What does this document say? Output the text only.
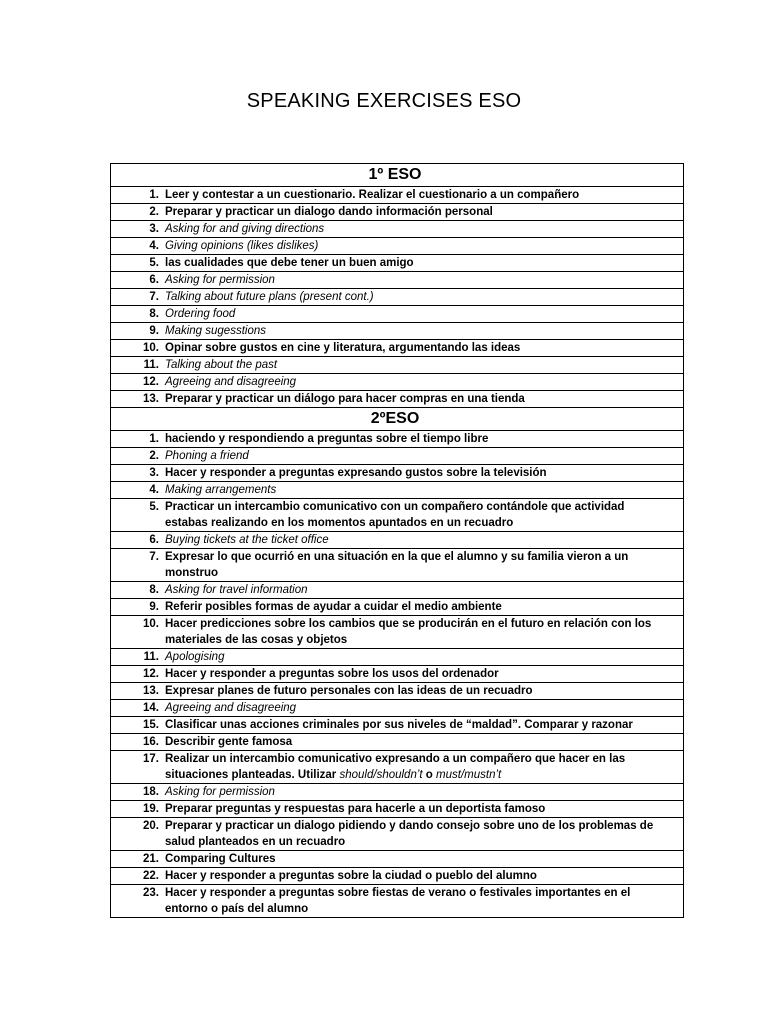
SPEAKING EXERCISES ESO
1º ESO
1. Leer y contestar a un cuestionario. Realizar el cuestionario a un compañero
2. Preparar y practicar un dialogo dando información personal
3. Asking for and giving directions
4. Giving opinions (likes dislikes)
5. las cualidades que debe tener un buen amigo
6. Asking for permission
7. Talking about future plans (present cont.)
8. Ordering food
9. Making sugesstions
10. Opinar sobre gustos en cine y literatura, argumentando las ideas
11. Talking about the past
12. Agreeing and disagreeing
13. Preparar y practicar un diálogo para hacer compras en una tienda
2ºESO
1. haciendo y respondiendo a preguntas sobre el tiempo libre
2. Phoning a friend
3. Hacer y responder a preguntas expresando gustos sobre la televisión
4. Making arrangements
5. Practicar un intercambio comunicativo con un compañero contándole que actividad estabas realizando en los momentos apuntados en un recuadro
6. Buying tickets at the ticket office
7. Expresar lo que ocurrió en una situación en la que el alumno y su familia vieron a un monstruo
8. Asking for travel information
9. Referir posibles formas de ayudar a cuidar el medio ambiente
10. Hacer predicciones sobre los cambios que se producirán en el futuro en relación con los materiales de las cosas y objetos
11. Apologising
12. Hacer y responder a preguntas sobre los usos del ordenador
13. Expresar planes de futuro personales con las ideas de un recuadro
14. Agreeing and disagreeing
15. Clasificar unas acciones criminales por sus niveles de “maldad”. Comparar y razonar
16. Describir gente famosa
17. Realizar un intercambio comunicativo expresando a un compañero que hacer en las situaciones planteadas. Utilizar should/shouldn’t o must/mustn’t
18. Asking for permission
19. Preparar preguntas y respuestas para hacerle a un deportista famoso
20. Preparar y practicar un dialogo pidiendo y dando consejo sobre uno de los problemas de salud planteados en un recuadro
21. Comparing Cultures
22. Hacer y responder a preguntas sobre la ciudad o pueblo del alumno
23. Hacer y responder a preguntas sobre fiestas de verano o festivales importantes en el entorno o país del alumno
